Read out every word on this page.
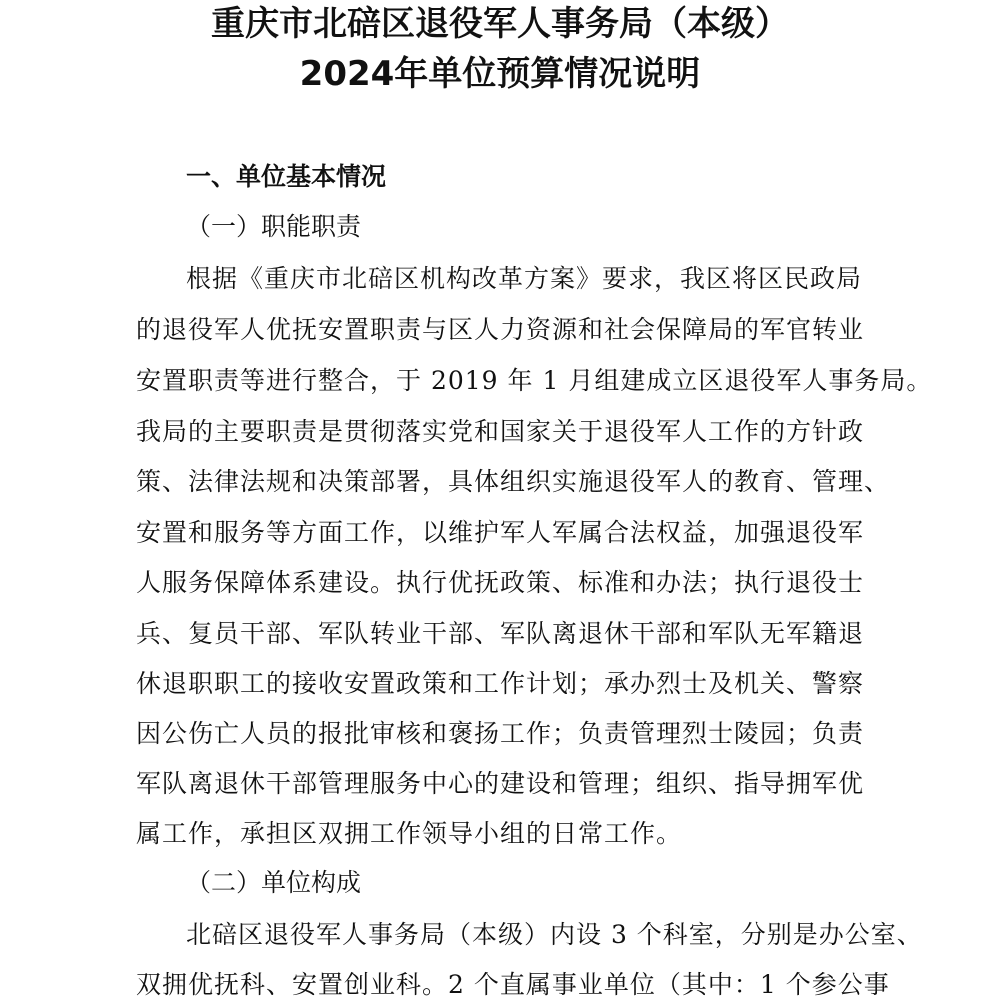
重庆市北碚区退役军人事务局（本级）
2024年单位预算情况说明
一、单位基本情况
（一）职能职责
根据《重庆市北碚区机构改革方案》要求，我区将区民政局
的退役军人优抚安置职责与区人力资源和社会保障局的军官转业
安置职责等进行整合，于 2019 年 1 月组建成立区退役军人事务局。
我局的主要职责是贯彻落实党和国家关于退役军人工作的方针政
策、法律法规和决策部署，具体组织实施退役军人的教育、管理、
安置和服务等方面工作，以维护军人军属合法权益，加强退役军
人服务保障体系建设。执行优抚政策、标准和办法；执行退役士
兵、复员干部、军队转业干部、军队离退休干部和军队无军籍退
休退职职工的接收安置政策和工作计划；承办烈士及机关、警察
因公伤亡人员的报批审核和褒扬工作；负责管理烈士陵园；负责
军队离退休干部管理服务中心的建设和管理；组织、指导拥军优
属工作，承担区双拥工作领导小组的日常工作。
（二）单位构成
北碚区退役军人事务局（本级）内设 3 个科室，分别是办公室、
双拥优抚科、安置创业科。2 个直属事业单位（其中：1 个参公事
